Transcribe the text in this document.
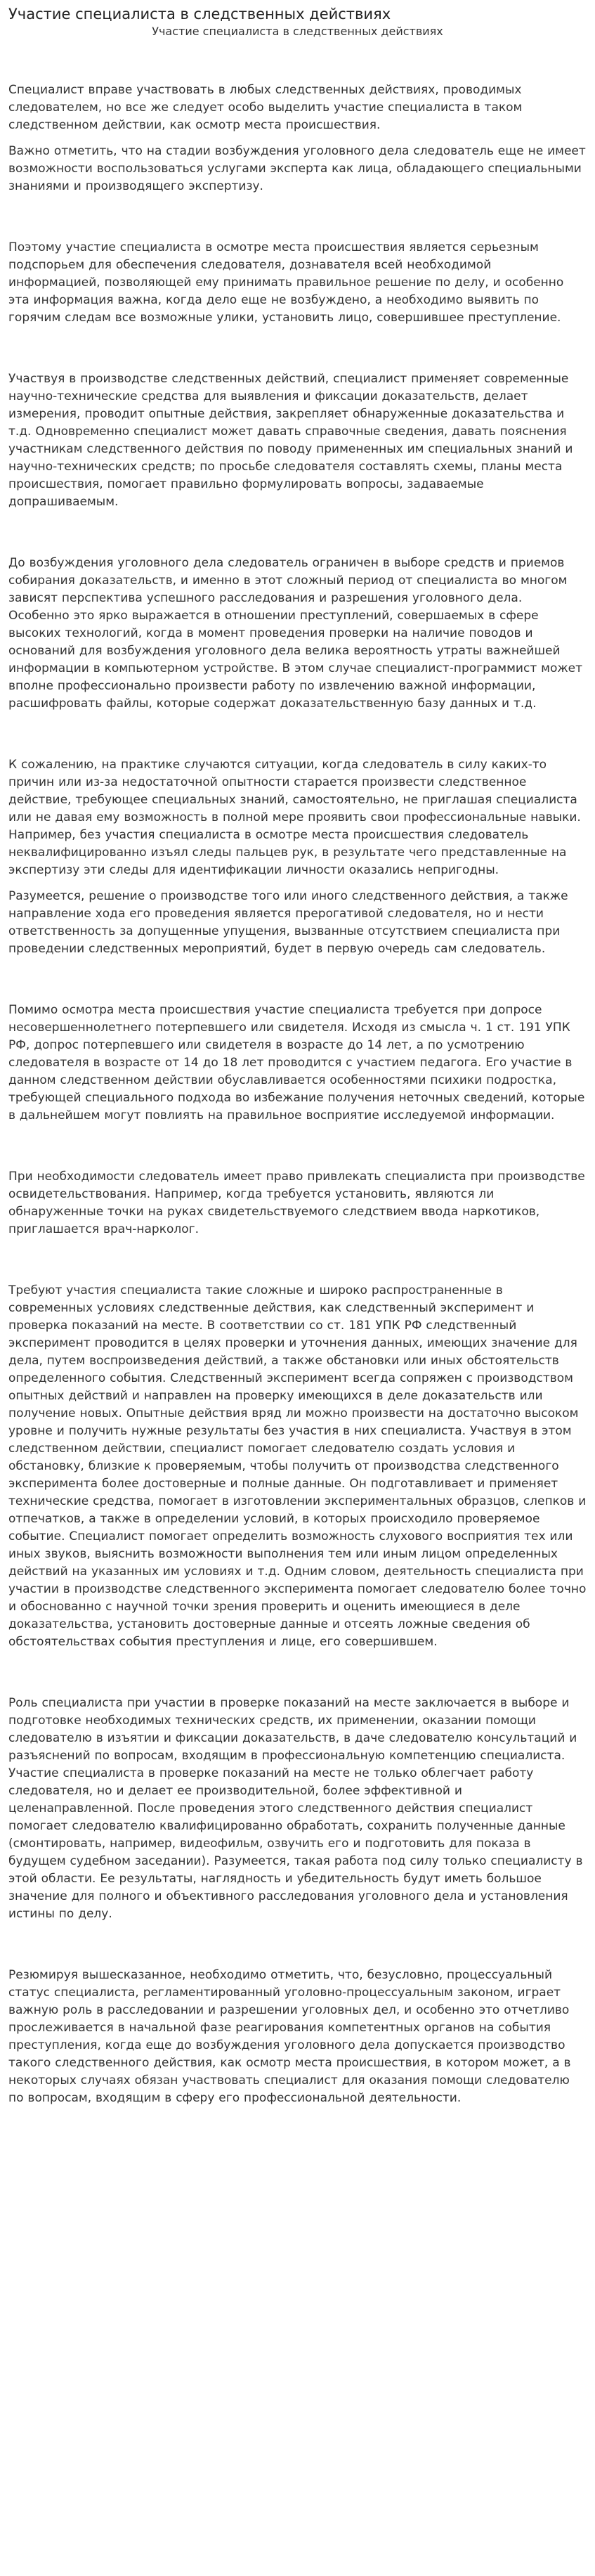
Участие специалиста в следственных действиях
Участие специалиста в следственных действиях

Специалист вправе участвовать в любых следственных действиях, проводимых следователем, но все же следует особо выделить участие специалиста в таком следственном действии, как осмотр места происшествия.

Важно отметить, что на стадии возбуждения уголовного дела следователь еще не имеет возможности воспользоваться услугами эксперта как лица, обладающего специальными знаниями и производящего экспертизу.

Поэтому участие специалиста в осмотре места происшествия является серьезным подспорьем для обеспечения следователя, дознавателя всей необходимой информацией, позволяющей ему принимать правильное решение по делу, и особенно эта информация важна, когда дело еще не возбуждено, а необходимо выявить по горячим следам все возможные улики, установить лицо, совершившее преступление.

Участвуя в производстве следственных действий, специалист применяет современные научно-технические средства для выявления и фиксации доказательств, делает измерения, проводит опытные действия, закрепляет обнаруженные доказательства и т.д. Одновременно специалист может давать справочные сведения, давать пояснения участникам следственного действия по поводу примененных им специальных знаний и научно-технических средств; по просьбе следователя составлять схемы, планы места происшествия, помогает правильно формулировать вопросы, задаваемые допрашиваемым.

До возбуждения уголовного дела следователь ограничен в выборе средств и приемов собирания доказательств, и именно в этот сложный период от специалиста во многом зависят перспектива успешного расследования и разрешения уголовного дела. Особенно это ярко выражается в отношении преступлений, совершаемых в сфере высоких технологий, когда в момент проведения проверки на наличие поводов и оснований для возбуждения уголовного дела велика вероятность утраты важнейшей информации в компьютерном устройстве. В этом случае специалист-программист может вполне профессионально произвести работу по извлечению важной информации, расшифровать файлы, которые содержат доказательственную базу данных и т.д.

К сожалению, на практике случаются ситуации, когда следователь в силу каких-то причин или из-за недостаточной опытности старается произвести следственное действие, требующее специальных знаний, самостоятельно, не приглашая специалиста или не давая ему возможность в полной мере проявить свои профессиональные навыки. Например, без участия специалиста в осмотре места происшествия следователь неквалифицированно изъял следы пальцев рук, в результате чего представленные на экспертизу эти следы для идентификации личности оказались непригодны.

Разумеется, решение о производстве того или иного следственного действия, а также направление хода его проведения является прерогативой следователя, но и нести ответственность за допущенные упущения, вызванные отсутствием специалиста при проведении следственных мероприятий, будет в первую очередь сам следователь.

Помимо осмотра места происшествия участие специалиста требуется при допросе несовершеннолетнего потерпевшего или свидетеля. Исходя из смысла ч. 1 ст. 191 УПК РФ, допрос потерпевшего или свидетеля в возрасте до 14 лет, а по усмотрению следователя в возрасте от 14 до 18 лет проводится с участием педагога. Его участие в данном следственном действии обуславливается особенностями психики подростка, требующей специального подхода во избежание получения неточных сведений, которые в дальнейшем могут повлиять на правильное восприятие исследуемой информации.

При необходимости следователь имеет право привлекать специалиста при производстве освидетельствования. Например, когда требуется установить, являются ли обнаруженные точки на руках свидетельствуемого следствием ввода наркотиков, приглашается врач-нарколог.

Требуют участия специалиста такие сложные и широко распространенные в современных условиях следственные действия, как следственный эксперимент и проверка показаний на месте. В соответствии со ст. 181 УПК РФ следственный эксперимент проводится в целях проверки и уточнения данных, имеющих значение для дела, путем воспроизведения действий, а также обстановки или иных обстоятельств определенного события. Следственный эксперимент всегда сопряжен с производством опытных действий и направлен на проверку имеющихся в деле доказательств или получение новых. Опытные действия вряд ли можно произвести на достаточно высоком уровне и получить нужные результаты без участия в них специалиста. Участвуя в этом следственном действии, специалист помогает следователю создать условия и обстановку, близкие к проверяемым, чтобы получить от производства следственного эксперимента более достоверные и полные данные. Он подготавливает и применяет технические средства, помогает в изготовлении экспериментальных образцов, слепков и отпечатков, а также в определении условий, в которых происходило проверяемое событие. Специалист помогает определить возможность слухового восприятия тех или иных звуков, выяснить возможности выполнения тем или иным лицом определенных действий на указанных им условиях и т.д. Одним словом, деятельность специалиста при участии в производстве следственного эксперимента помогает следователю более точно и обоснованно с научной точки зрения проверить и оценить имеющиеся в деле доказательства, установить достоверные данные и отсеять ложные сведения об обстоятельствах события преступления и лице, его совершившем.

Роль специалиста при участии в проверке показаний на месте заключается в выборе и подготовке необходимых технических средств, их применении, оказании помощи следователю в изъятии и фиксации доказательств, в даче следователю консультаций и разъяснений по вопросам, входящим в профессиональную компетенцию специалиста. Участие специалиста в проверке показаний на месте не только облегчает работу следователя, но и делает ее производительной, более эффективной и целенаправленной. После проведения этого следственного действия специалист помогает следователю квалифицированно обработать, сохранить полученные данные (смонтировать, например, видеофильм, озвучить его и подготовить для показа в будущем судебном заседании). Разумеется, такая работа под силу только специалисту в этой области. Ее результаты, наглядность и убедительность будут иметь большое значение для полного и объективного расследования уголовного дела и установления истины по делу.

Резюмируя вышесказанное, необходимо отметить, что, безусловно, процессуальный статус специалиста, регламентированный уголовно-процессуальным законом, играет важную роль в расследовании и разрешении уголовных дел, и особенно это отчетливо прослеживается в начальной фазе реагирования компетентных органов на события преступления, когда еще до возбуждения уголовного дела допускается производство такого следственного действия, как осмотр места происшествия, в котором может, а в некоторых случаях обязан участвовать специалист для оказания помощи следователю по вопросам, входящим в сферу его профессиональной деятельности.
